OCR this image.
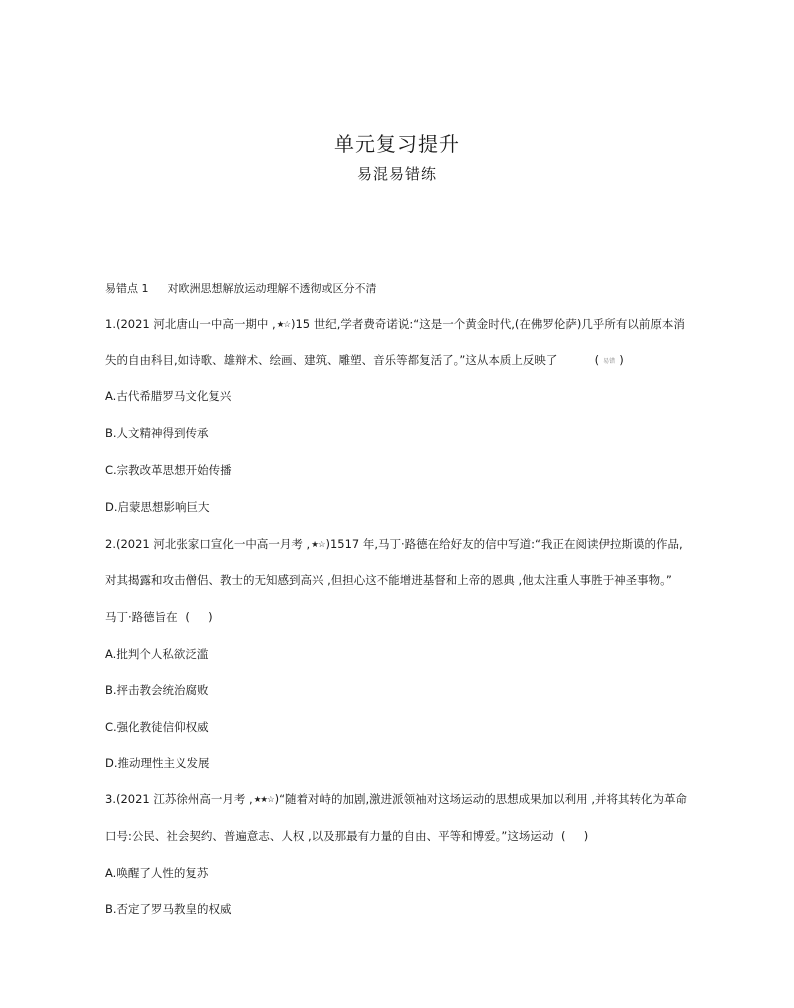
单元复习提升
易混易错练
易错点 1 对欧洲思想解放运动理解不透彻或区分不清
1.(2021 河北唐山一中高一期中 ,★☆)15 世纪,学者费奇诺说:“这是一个黄金时代,(在佛罗伦萨)几乎所有以前原本消
失的自由科目,如诗歌、雄辩术、绘画、建筑、雕塑、音乐等都复活了。”这从本质上反映了	( 易错 )
A.古代希腊罗马文化复兴
B.人文精神得到传承
C.宗教改革思想开始传播
D.启蒙思想影响巨大
2.(2021 河北张家口宣化一中高一月考 ,★☆)1517 年,马丁·路德在给好友的信中写道:“我正在阅读伊拉斯谟的作品,
对其揭露和攻击僧侣、教士的无知感到高兴 ,但担心这不能增进基督和上帝的恩典 ,他太注重人事胜于神圣事物。”
马丁·路德旨在 (     )
A.批判个人私欲泛滥
B.抨击教会统治腐败
C.强化教徒信仰权威
D.推动理性主义发展
3.(2021 江苏徐州高一月考 ,★★☆)“随着对峙的加剧,激进派领袖对这场运动的思想成果加以利用 ,并将其转化为革命
口号:公民、社会契约、普遍意志、人权 ,以及那最有力量的自由、平等和博爱。”这场运动 (     )
A.唤醒了人性的复苏
B.否定了罗马教皇的权威
